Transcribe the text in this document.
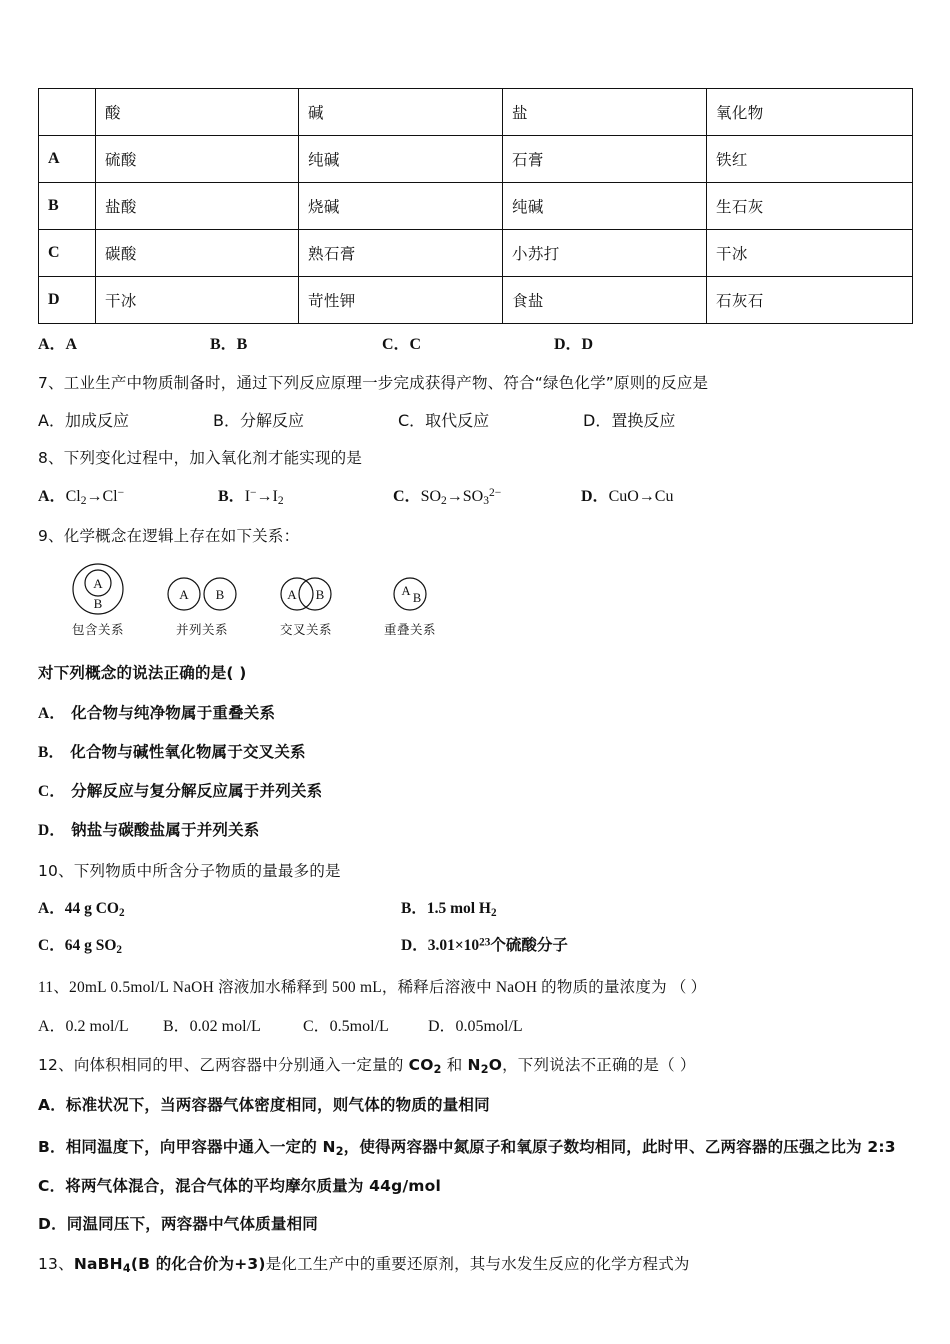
	酸	碱	盐	氧化物
A	硫酸	纯碱	石膏	铁红
B	盐酸	烧碱	纯碱	生石灰
C	碳酸	熟石膏	小苏打	干冰
D	干冰	苛性钾	食盐	石灰石
A．A	B．B	C．C	D．D
7、工业生产中物质制备时，通过下列反应原理一步完成获得产物、符合“绿色化学”原则的反应是
A．加成反应	B．分解反应	C．取代反应	D．置换反应
8、下列变化过程中，加入氧化剂才能实现的是
A．$Cl_2\to Cl^-$	B．$I^-\to I_2$	C．$SO_2\to SO_3^{2-}$	D．CuO→Cu
9、化学概念在逻辑上存在如下关系：
A
B
包含关系
A B
并列关系
A B
交叉关系
A B
重叠关系
对下列概念的说法正确的是( )
A． 化合物与纯净物属于重叠关系
B． 化合物与碱性氧化物属于交叉关系
C． 分解反应与复分解反应属于并列关系
D． 钠盐与碳酸盐属于并列关系
10、下列物质中所含分子物质的量最多的是
A．44 g $CO_2$	B．1.5 mol $H_2$
C．64 g $SO_2$	D．$3.01\times 10^{23}$个硫酸分子
11、20mL 0.5mol/L NaOH 溶液加水稀释到 500 mL，稀释后溶液中 NaOH 的物质的量浓度为 （ ）
A．0.2 mol/L	B．0.02 mol/L	C．0.5mol/L	D．0.05mol/L
12、向体积相同的甲、乙两容器中分别通入一定量的 $CO_2$ 和 $N_2O$，下列说法不正确的是（ ）
A．标准状况下，当两容器气体密度相同，则气体的物质的量相同
B．相同温度下，向甲容器中通入一定的 $N_2$，使得两容器中氮原子和氧原子数均相同，此时甲、乙两容器的压强之比为 2:3
C．将两气体混合，混合气体的平均摩尔质量为 44g/mol
D．同温同压下，两容器中气体质量相同
13、NaBH$_4$(B 的化合价为+3)是化工生产中的重要还原剂，其与水发生反应的化学方程式为
